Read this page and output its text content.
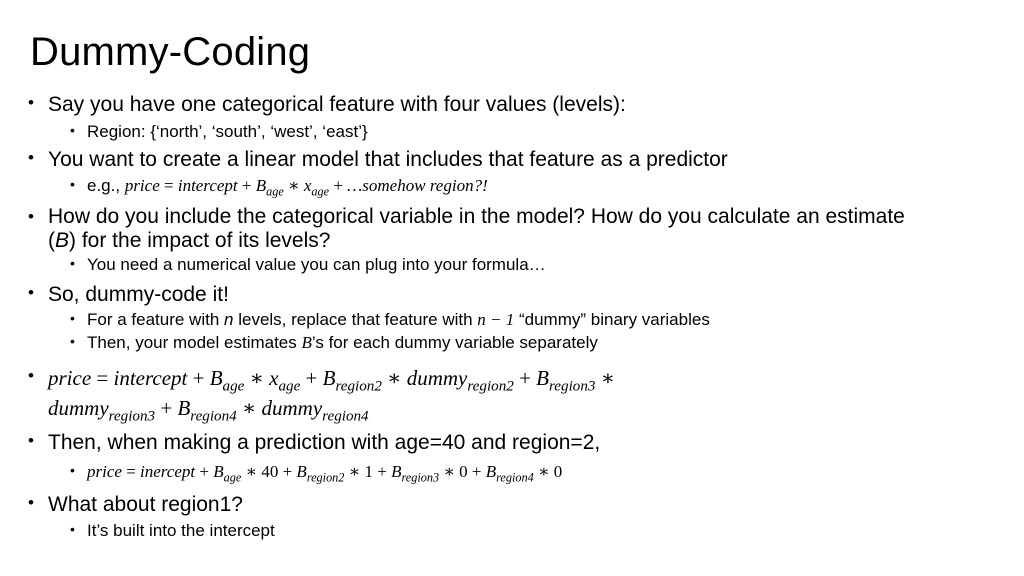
Dummy-Coding
• Say you have one categorical feature with four values (levels):
• Region: {‘north’, ‘south’, ‘west’, ‘east’}
• You want to create a linear model that includes that feature as a predictor
• e.g., price = intercept + $B_{age}$ ∗ $x_{age}$ + …somehow region?!
• How do you include the categorical variable in the model? How do you calculate an estimate (B) for the impact of its levels?
• You need a numerical value you can plug into your formula…
• So, dummy-code it!
• For a feature with n levels, replace that feature with n − 1 “dummy” binary variables
• Then, your model estimates B’s for each dummy variable separately
• price = intercept + $B_{age}$ ∗ $x_{age} + B_{region2}$ ∗ dummy$_{region2}$ + $B_{region3}$ ∗
dummy$_{region3}$ + $B_{region4}$ ∗ dummy$_{region4}$
• Then, when making a prediction with age=40 and region=2,
• price = inercept + $B_{age}$ ∗ $40 + B_{region2}$ ∗ $1 + B_{region3}$ ∗ $0 + B_{region4}$ ∗ 0
• What about region1?
• It’s built into the intercept
